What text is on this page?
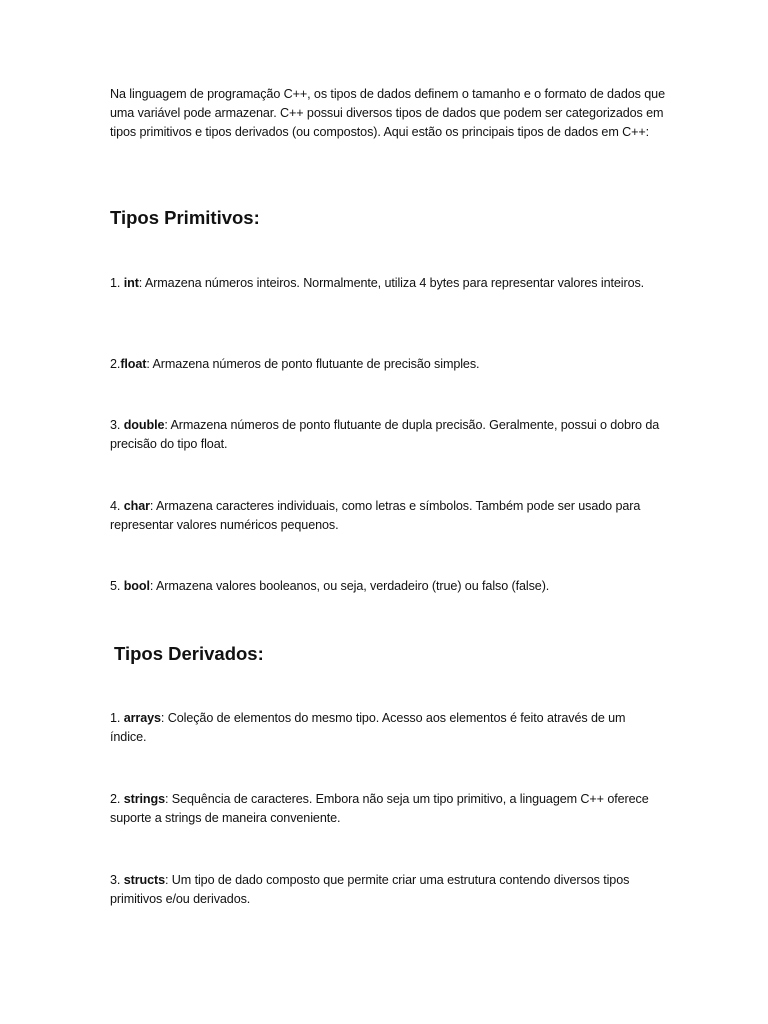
Na linguagem de programação C++, os tipos de dados definem o tamanho e o formato de dados que uma variável pode armazenar. C++ possui diversos tipos de dados que podem ser categorizados em tipos primitivos e tipos derivados (ou compostos). Aqui estão os principais tipos de dados em C++:

Tipos Primitivos:

1. int: Armazena números inteiros. Normalmente, utiliza 4 bytes para representar valores inteiros.

2.float: Armazena números de ponto flutuante de precisão simples.

3. double: Armazena números de ponto flutuante de dupla precisão. Geralmente, possui o dobro da precisão do tipo float.

4. char: Armazena caracteres individuais, como letras e símbolos. Também pode ser usado para representar valores numéricos pequenos.

5. bool: Armazena valores booleanos, ou seja, verdadeiro (true) ou falso (false).

Tipos Derivados:

1. arrays: Coleção de elementos do mesmo tipo. Acesso aos elementos é feito através de um índice.

2. strings: Sequência de caracteres. Embora não seja um tipo primitivo, a linguagem C++ oferece suporte a strings de maneira conveniente.

3. structs: Um tipo de dado composto que permite criar uma estrutura contendo diversos tipos primitivos e/ou derivados.
